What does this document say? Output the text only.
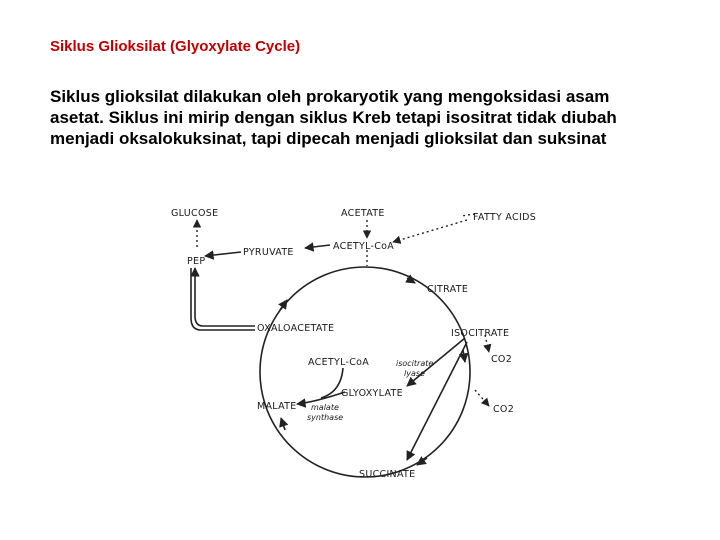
Siklus Glioksilat (Glyoxylate Cycle)
Siklus glioksilat dilakukan oleh prokaryotik yang mengoksidasi asam
asetat. Siklus ini mirip dengan siklus Kreb tetapi isositrat tidak diubah
menjadi oksalokuksinat, tapi dipecah menjadi glioksilat dan suksinat
GLUCOSE	ACETATE	FATTY ACIDS
ACETYL-CoA
PYRUVATE
PEP
CITRATE
OXALOACETATE	ISOCITRATE
ACETYL-CoA	isocitrate
lyase
CO2
GLYOXYLATE
MALATE malate
synthase
CO2
SUCCINATE
